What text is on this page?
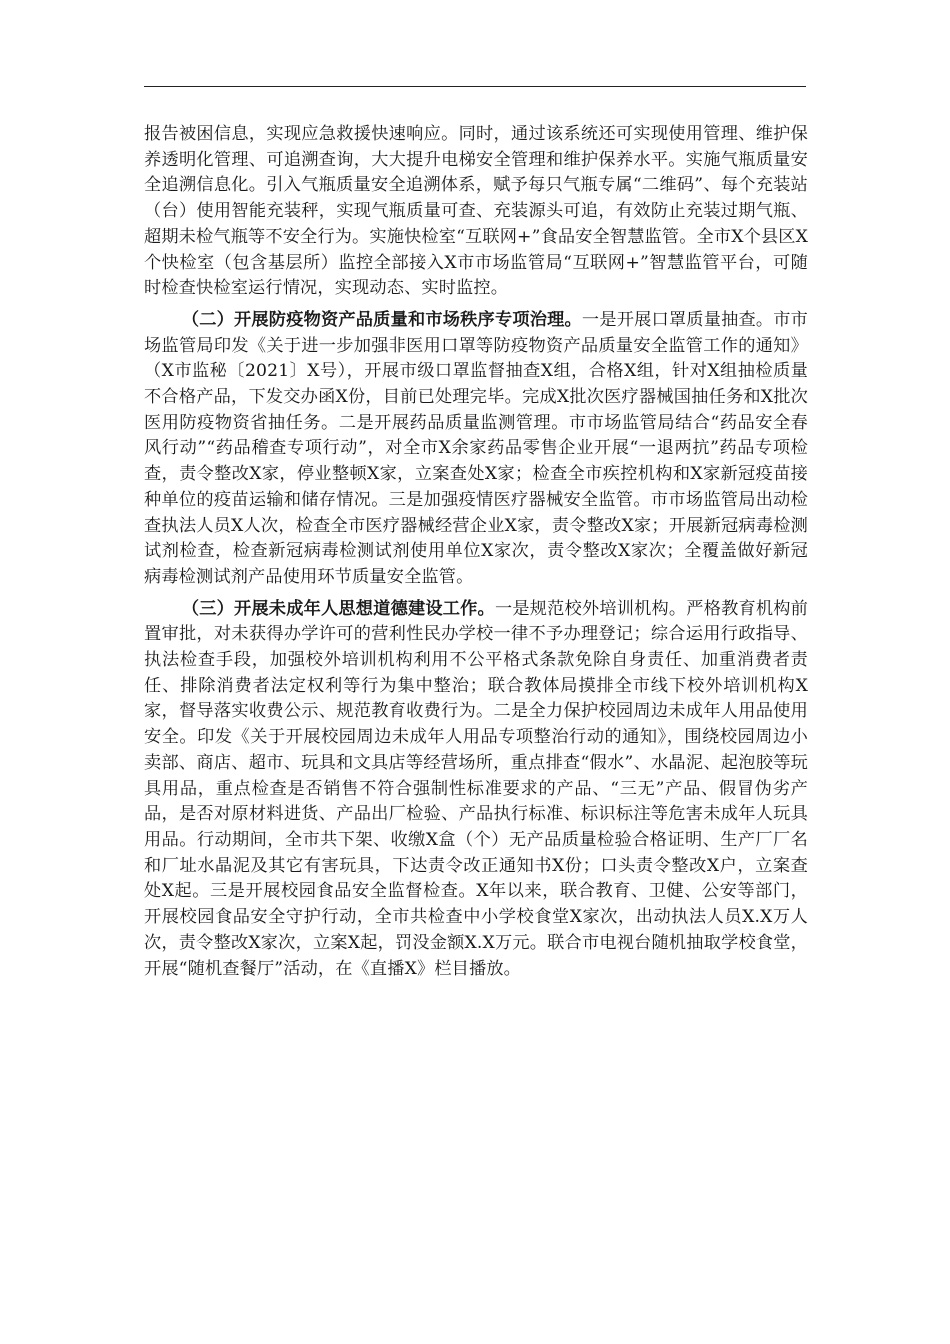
报告被困信息，实现应急救援快速响应。同时，通过该系统还可实现使用管理、维护保养透明化管理、可追溯查询，大大提升电梯安全管理和维护保养水平。实施气瓶质量安全追溯信息化。引入气瓶质量安全追溯体系，赋予每只气瓶专属“二维码”、每个充装站（台）使用智能充装秤，实现气瓶质量可查、充装源头可追，有效防止充装过期气瓶、超期未检气瓶等不安全行为。实施快检室“互联网+”食品安全智慧监管。全市X个县区X个快检室（包含基层所）监控全部接入X市市场监管局“互联网+”智慧监管平台，可随时检查快检室运行情况，实现动态、实时监控。

（二）开展防疫物资产品质量和市场秩序专项治理。一是开展口罩质量抽查。市市场监管局印发《关于进一步加强非医用口罩等防疫物资产品质量安全监管工作的通知》（X市监秘〔2021〕X号），开展市级口罩监督抽查X组，合格X组，针对X组抽检质量不合格产品，下发交办函X份，目前已处理完毕。完成X批次医疗器械国抽任务和X批次医用防疫物资省抽任务。二是开展药品质量监测管理。市市场监管局结合“药品安全春风行动”“药品稽查专项行动”，对全市X余家药品零售企业开展“一退两抗”药品专项检查，责令整改X家，停业整顿X家，立案查处X家；检查全市疾控机构和X家新冠疫苗接种单位的疫苗运输和储存情况。三是加强疫情医疗器械安全监管。市市场监管局出动检查执法人员X人次，检查全市医疗器械经营企业X家，责令整改X家；开展新冠病毒检测试剂检查，检查新冠病毒检测试剂使用单位X家次，责令整改X家次；全覆盖做好新冠病毒检测试剂产品使用环节质量安全监管。

（三）开展未成年人思想道德建设工作。一是规范校外培训机构。严格教育机构前置审批，对未获得办学许可的营利性民办学校一律不予办理登记；综合运用行政指导、执法检查手段，加强校外培训机构利用不公平格式条款免除自身责任、加重消费者责任、排除消费者法定权利等行为集中整治；联合教体局摸排全市线下校外培训机构X家，督导落实收费公示、规范教育收费行为。二是全力保护校园周边未成年人用品使用安全。印发《关于开展校园周边未成年人用品专项整治行动的通知》，围绕校园周边小卖部、商店、超市、玩具和文具店等经营场所，重点排查“假水”、水晶泥、起泡胶等玩具用品，重点检查是否销售不符合强制性标准要求的产品、“三无”产品、假冒伪劣产品，是否对原材料进货、产品出厂检验、产品执行标准、标识标注等危害未成年人玩具用品。行动期间，全市共下架、收缴X盒（个）无产品质量检验合格证明、生产厂厂名和厂址水晶泥及其它有害玩具，下达责令改正通知书X份；口头责令整改X户，立案查处X起。三是开展校园食品安全监督检查。X年以来，联合教育、卫健、公安等部门，开展校园食品安全守护行动，全市共检查中小学校食堂X家次，出动执法人员X.X万人次，责令整改X家次，立案X起，罚没金额X.X万元。联合市电视台随机抽取学校食堂，开展“随机查餐厅”活动，在《直播X》栏目播放。
